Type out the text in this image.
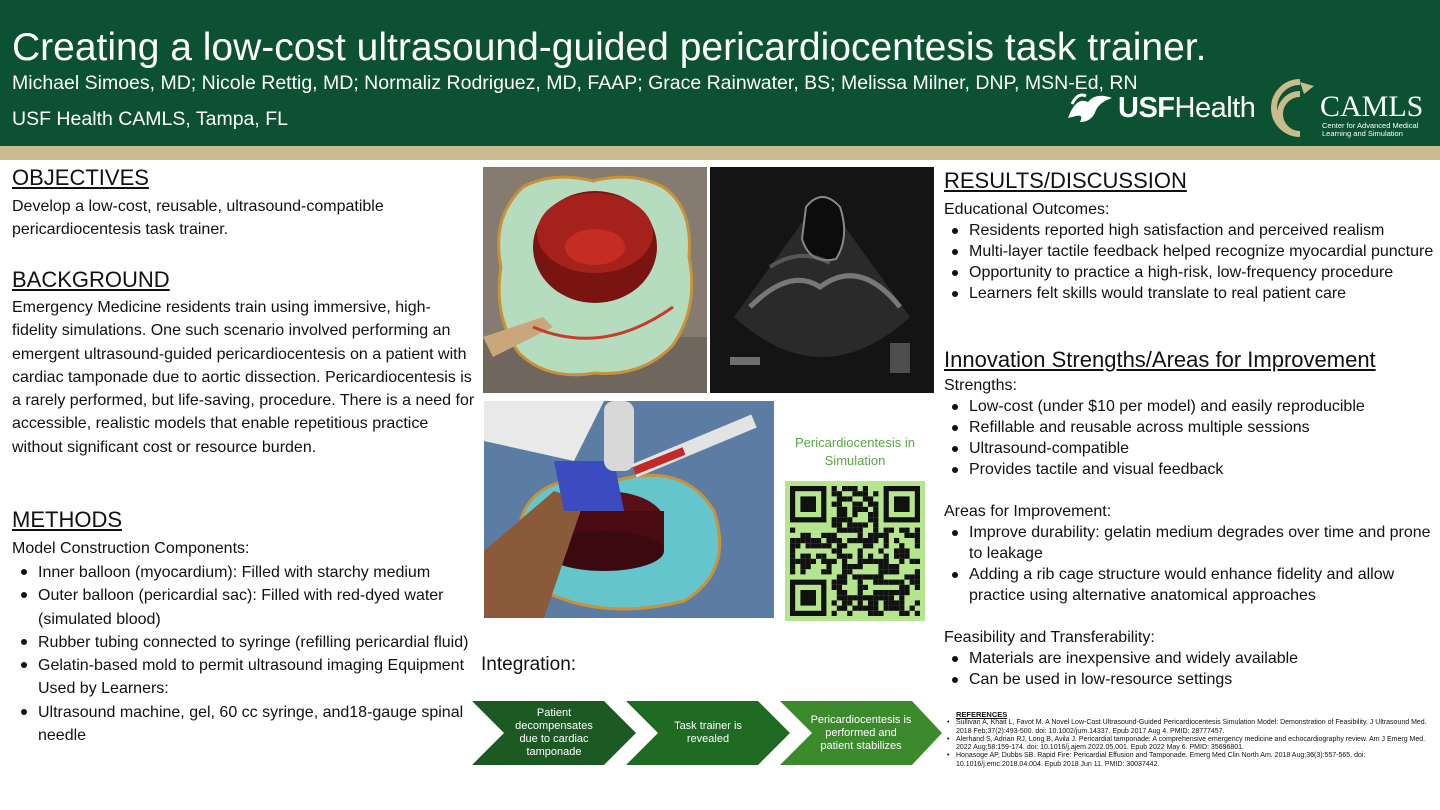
Creating a low-cost ultrasound-guided pericardiocentesis task trainer.
Michael Simoes, MD; Nicole Rettig, MD; Normaliz Rodriguez, MD, FAAP; Grace Rainwater, BS; Melissa Milner, DNP, MSN-Ed, RN
USF Health CAMLS, Tampa, FL	USFHealth CAMLS
Center for Advanced Medical Learning and Simulation
OBJECTIVES
Develop a low-cost, reusable, ultrasound-compatible pericardiocentesis task trainer.
BACKGROUND
Emergency Medicine residents train using immersive, high-fidelity simulations. One such scenario involved performing an emergent ultrasound-guided pericardiocentesis on a patient with cardiac tamponade due to aortic dissection. Pericardiocentesis is a rarely performed, but life-saving, procedure. There is a need for accessible, realistic models that enable repetitious practice without significant cost or resource burden.
METHODS
Model Construction Components:
Inner balloon (myocardium): Filled with starchy medium
Outer balloon (pericardial sac): Filled with red-dyed water (simulated blood)
Rubber tubing connected to syringe (refilling pericardial fluid)
Gelatin-based mold to permit ultrasound imaging Equipment Used by Learners:
Ultrasound machine, gel, 60 cc syringe, and18-gauge spinal needle
Pericardiocentesis in Simulation
Integration:
Patient decompensates due to cardiac tamponade
Task trainer is revealed
Pericardiocentesis is performed and patient stabilizes
RESULTS/DISCUSSION
Educational Outcomes:
Residents reported high satisfaction and perceived realism
Multi-layer tactile feedback helped recognize myocardial puncture
Opportunity to practice a high-risk, low-frequency procedure
Learners felt skills would translate to real patient care
Innovation Strengths/Areas for Improvement
Strengths:
Low-cost (under $10 per model) and easily reproducible
Refillable and reusable across multiple sessions
Ultrasound-compatible
Provides tactile and visual feedback
Areas for Improvement:
Improve durability: gelatin medium degrades over time and prone to leakage
Adding a rib cage structure would enhance fidelity and allow practice using alternative anatomical approaches
Feasibility and Transferability:
Materials are inexpensive and widely available
Can be used in low-resource settings
REFERENCES
• Sullivan A, Khait L, Favot M. A Novel Low-Cost Ultrasound-Guided Pericardiocentesis Simulation Model: Demonstration of Feasibility. J Ultrasound Med. 2018 Feb;37(2):493-500. doi: 10.1002/jum.14337. Epub 2017 Aug 4. PMID: 28777457.
• Alerhand S, Adrian RJ, Long B, Avila J. Pericardial tamponade: A comprehensive emergency medicine and echocardiography review. Am J Emerg Med. 2022 Aug;58:159-174. doi: 10.1016/j.ajem.2022.05.001. Epub 2022 May 6. PMID: 35696801.
• Honasoge AP, Dubbs SB. Rapid Fire: Pericardial Effusion and Tamponade. Emerg Med Clin North Am. 2018 Aug;36(3):557-565. doi: 10.1016/j.emc.2018.04.004. Epub 2018 Jun 11. PMID: 30037442.
